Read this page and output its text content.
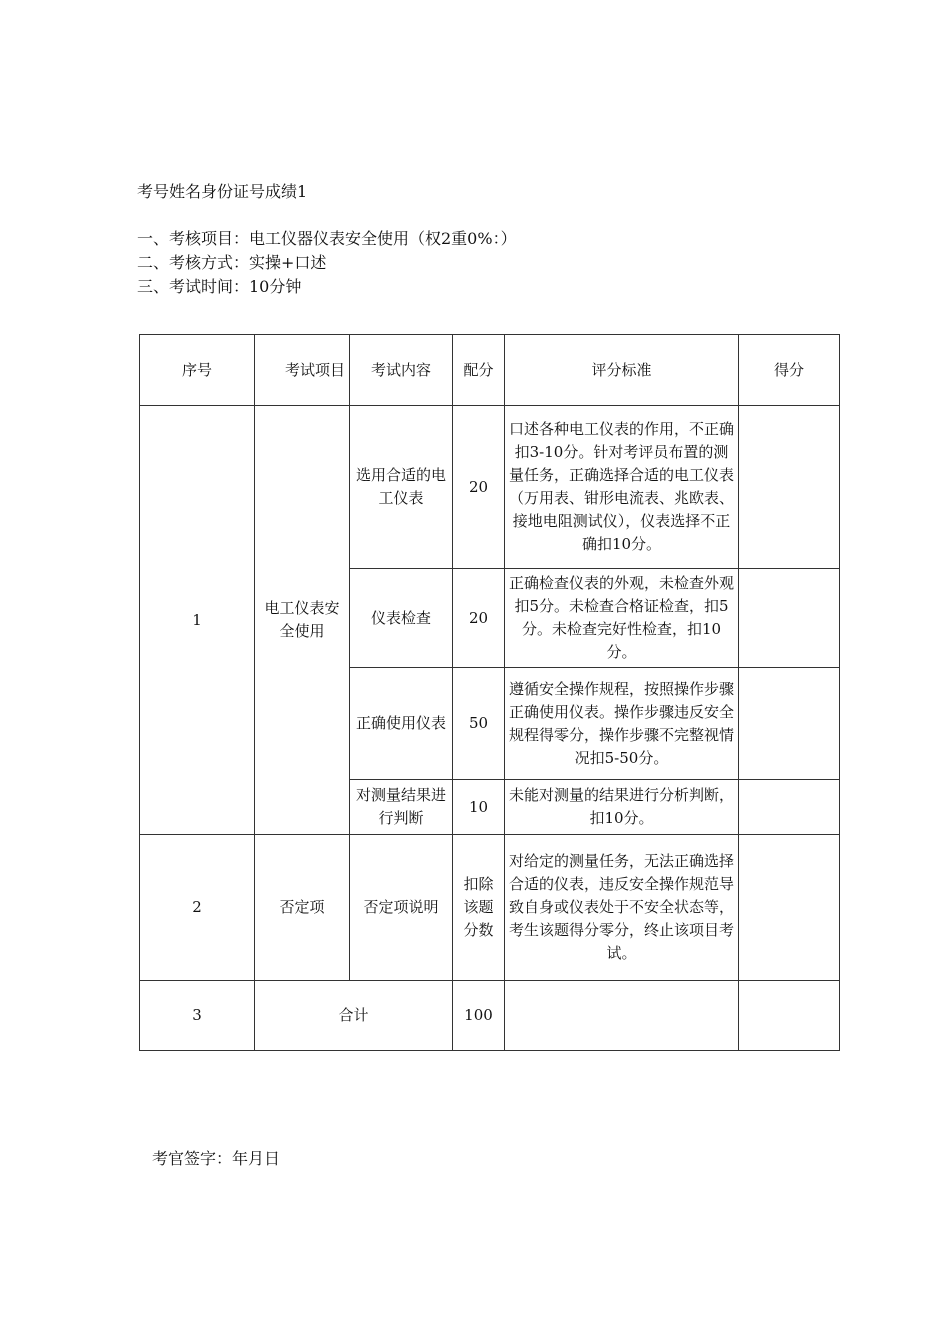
考号姓名身份证号成绩1
一、考核项目：电工仪器仪表安全使用（权2重0%：）
二、考核方式：实操+口述
三、考试时间：10分钟
序号	考试项目	考试内容	配分	评分标准	得分
1	电工仪表安全使用	选用合适的电工仪表	20	口述各种电工仪表的作用，不正确扣3-10分。针对考评员布置的测量任务，正确选择合适的电工仪表（万用表、钳形电流表、兆欧表、接地电阻测试仪），仪表选择不正确扣10分。	
		仪表检查	20	正确检查仪表的外观，未检查外观扣5分。未检查合格证检查，扣5分。未检查完好性检查，扣10分。	
		正确使用仪表	50	遵循安全操作规程，按照操作步骤正确使用仪表。操作步骤违反安全规程得零分，操作步骤不完整视情况扣5-50分。	
		对测量结果进行判断	10	未能对测量的结果进行分析判断，扣10分。	
2	否定项	否定项说明	扣除该题分数	对给定的测量任务，无法正确选择合适的仪表，违反安全操作规范导致自身或仪表处于不安全状态等，考生该题得分零分，终止该项目考试。	
3	合计		100		
考官签字：年月日
